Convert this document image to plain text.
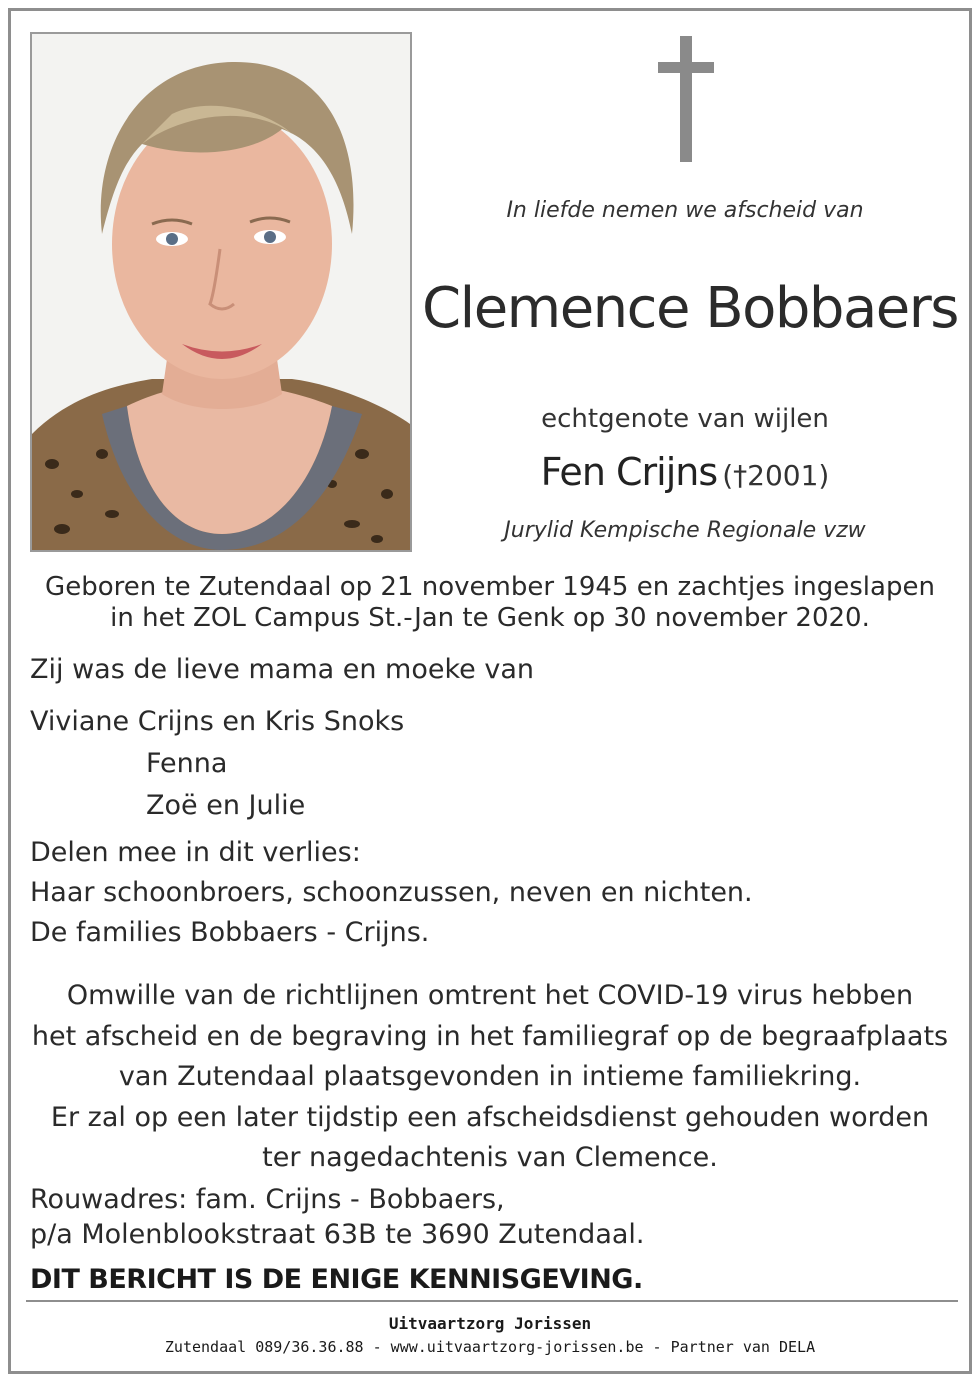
In liefde nemen we afscheid van
Clemence Bobbaers
echtgenote van wijlen
Fen Crijns (†2001)
Jurylid Kempische Regionale vzw
Geboren te Zutendaal op 21 november 1945 en zachtjes ingeslapen
in het ZOL Campus St.-Jan te Genk op 30 november 2020.
Zij was de lieve mama en moeke van
Viviane Crijns en Kris Snoks
Fenna
Zoë en Julie
Delen mee in dit verlies:
Haar schoonbroers, schoonzussen, neven en nichten.
De families Bobbaers - Crijns.
Omwille van de richtlijnen omtrent het COVID-19 virus hebben
het afscheid en de begraving in het familiegraf op de begraafplaats
van Zutendaal plaatsgevonden in intieme familiekring.
Er zal op een later tijdstip een afscheidsdienst gehouden worden
ter nagedachtenis van Clemence.
Rouwadres: fam. Crijns - Bobbaers,
p/a Molenblookstraat 63B te 3690 Zutendaal.
DIT BERICHT IS DE ENIGE KENNISGEVING.
Uitvaartzorg Jorissen
Zutendaal 089/36.36.88 - www.uitvaartzorg-jorissen.be - Partner van DELA
